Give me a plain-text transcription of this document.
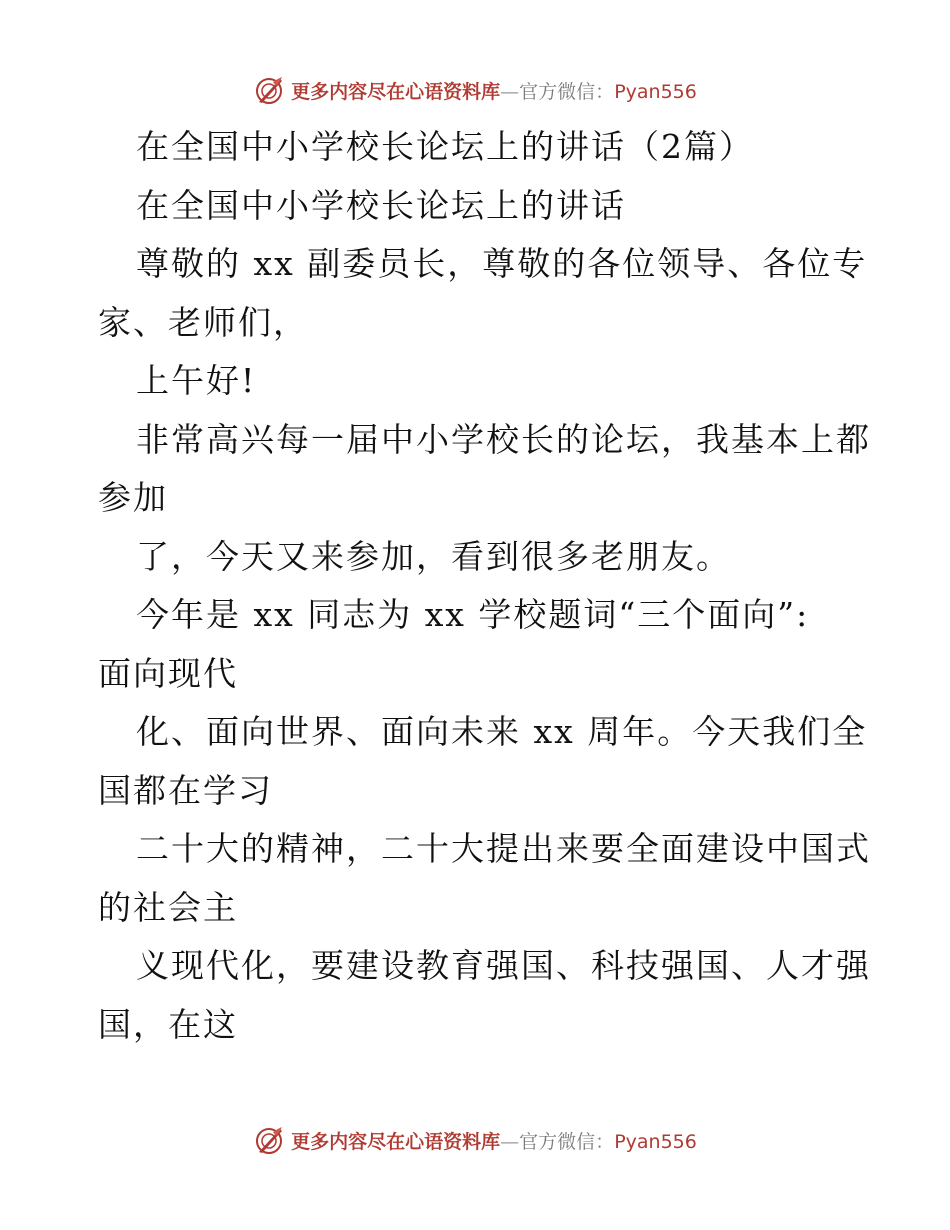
更多内容尽在心语资料库—官方微信：Pyan556
在全国中小学校长论坛上的讲话（2篇）
在全国中小学校长论坛上的讲话
尊敬的 xx 副委员长，尊敬的各位领导、各位专
家、老师们，
上午好!
非常高兴每一届中小学校长的论坛，我基本上都
参加
了，今天又来参加，看到很多老朋友。
今年是 xx 同志为 xx 学校题词“三个面向”:
面向现代
化、面向世界、面向未来 xx 周年。今天我们全
国都在学习
二十大的精神，二十大提出来要全面建设中国式
的社会主
义现代化，要建设教育强国、科技强国、人才强
国，在这
更多内容尽在心语资料库—官方微信：Pyan556
